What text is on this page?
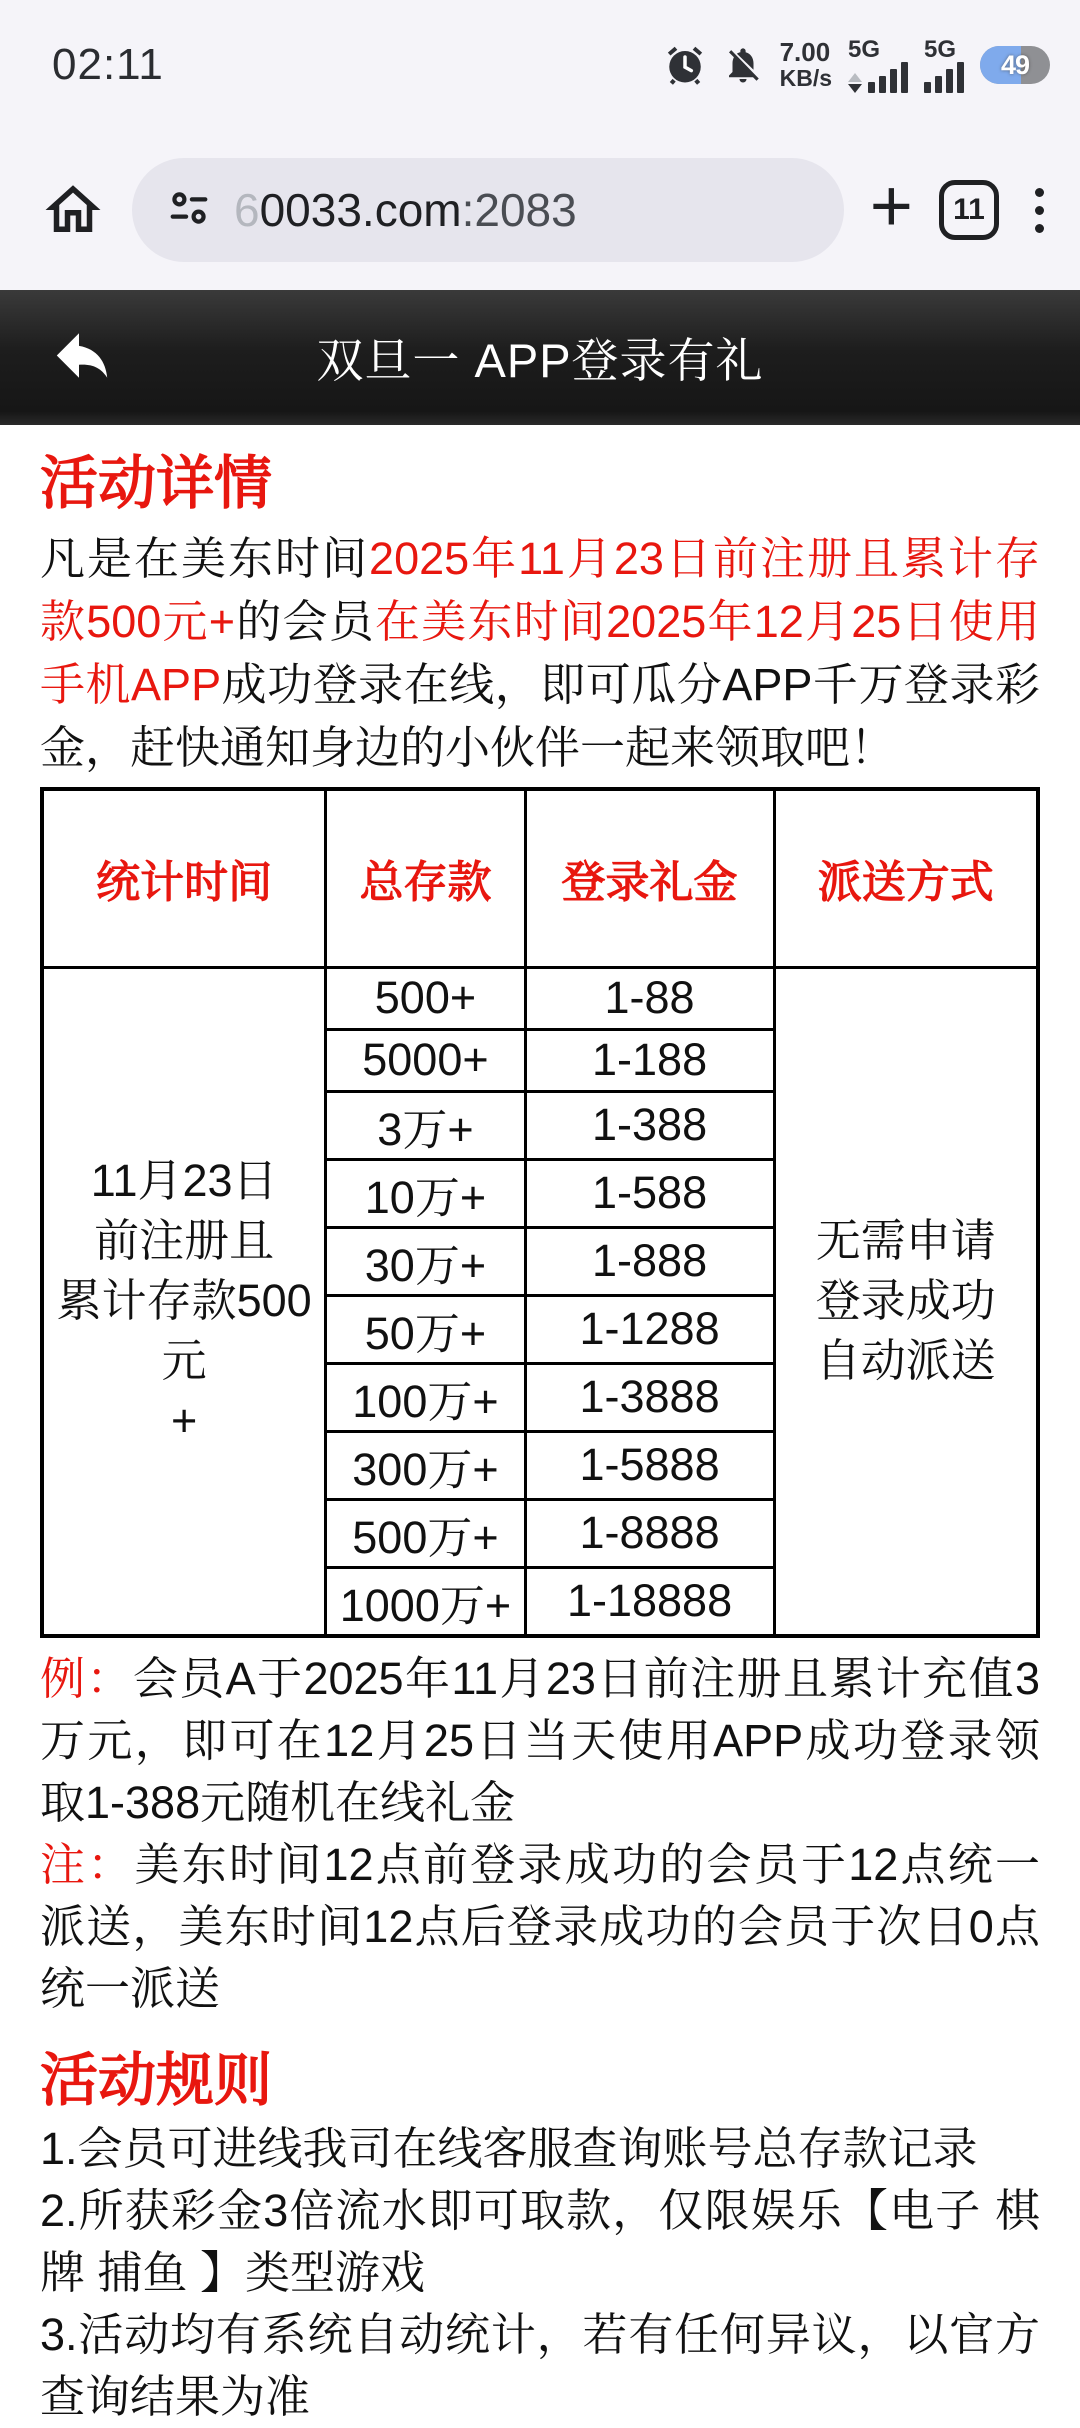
02:11	7.00
KB/s
5G 5G
49
60033.com:2083	+ 11
双旦一 APP登录有礼
活动详情

凡是在美东时间2025年11月23日前注册且累计存款500元+的会员在美东时间2025年12月25日使用手机APP成功登录在线，即可瓜分APP千万登录彩金，赶快通知身边的小伙伴一起来领取吧！

统计时间	总存款	登录礼金	派送方式

11月23日
前注册且
累计存款500元
+
	500+	1-88	
无需申请
登录成功
自动派送

	5000+	1-188	
	3万+	1-388	
	10万+	1-588	
	30万+	1-888	
	50万+	1-1288	
	100万+	1-3888	
	300万+	1-5888	
	500万+	1-8888	
	1000万+	1-18888	

例：会员A于2025年11月23日前注册且累计充值3万元，即可在12月25日当天使用APP成功登录领取1-388元随机在线礼金

注：美东时间12点前登录成功的会员于12点统一派送，美东时间12点后登录成功的会员于次日0点统一派送

活动规则

1.会员可进线我司在线客服查询账号总存款记录

2.所获彩金3倍流水即可取款，仅限娱乐【电子 棋牌 捕鱼 】类型游戏

3.活动均有系统自动统计，若有任何异议，以官方查询结果为准
